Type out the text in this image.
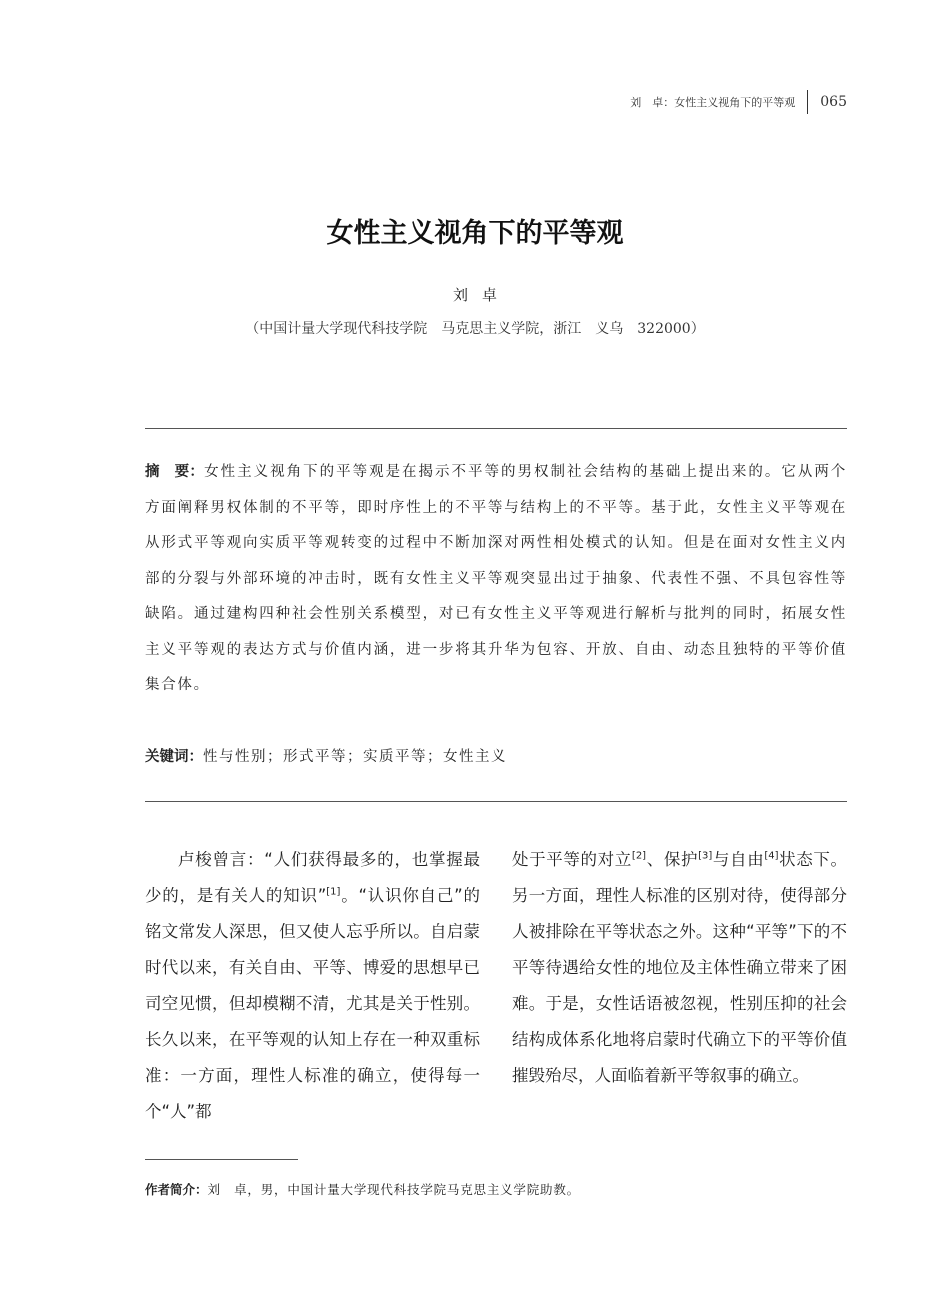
刘　卓：女性主义视角下的平等观 065
女性主义视角下的平等观
刘卓
（中国计量大学现代科技学院　马克思主义学院，浙江　义乌　322000）

摘　要：女性主义视角下的平等观是在揭示不平等的男权制社会结构的基础上提出来的。它从两个方面阐释男权体制的不平等，即时序性上的不平等与结构上的不平等。基于此，女性主义平等观在从形式平等观向实质平等观转变的过程中不断加深对两性相处模式的认知。但是在面对女性主义内部的分裂与外部环境的冲击时，既有女性主义平等观突显出过于抽象、代表性不强、不具包容性等缺陷。通过建构四种社会性别关系模型，对已有女性主义平等观进行解析与批判的同时，拓展女性主义平等观的表达方式与价值内涵，进一步将其升华为包容、开放、自由、动态且独特的平等价值集合体。

关键词：性与性别；形式平等；实质平等；女性主义

卢梭曾言：“人们获得最多的，也掌握最少的，是有关人的知识”[1]。“认识你自己”的铭文常发人深思，但又使人忘乎所以。自启蒙时代以来，有关自由、平等、博爱的思想早已司空见惯，但却模糊不清，尤其是关于性别。长久以来，在平等观的认知上存在一种双重标准：一方面，理性人标准的确立，使得每一个“人”都

处于平等的对立[2]、保护[3]与自由[4]状态下。另一方面，理性人标准的区别对待，使得部分人被排除在平等状态之外。这种“平等”下的不平等待遇给女性的地位及主体性确立带来了困难。于是，女性话语被忽视，性别压抑的社会结构成体系化地将启蒙时代确立下的平等价值摧毁殆尽，人面临着新平等叙事的确立。

作者简介：刘　卓，男，中国计量大学现代科技学院马克思主义学院助教。
